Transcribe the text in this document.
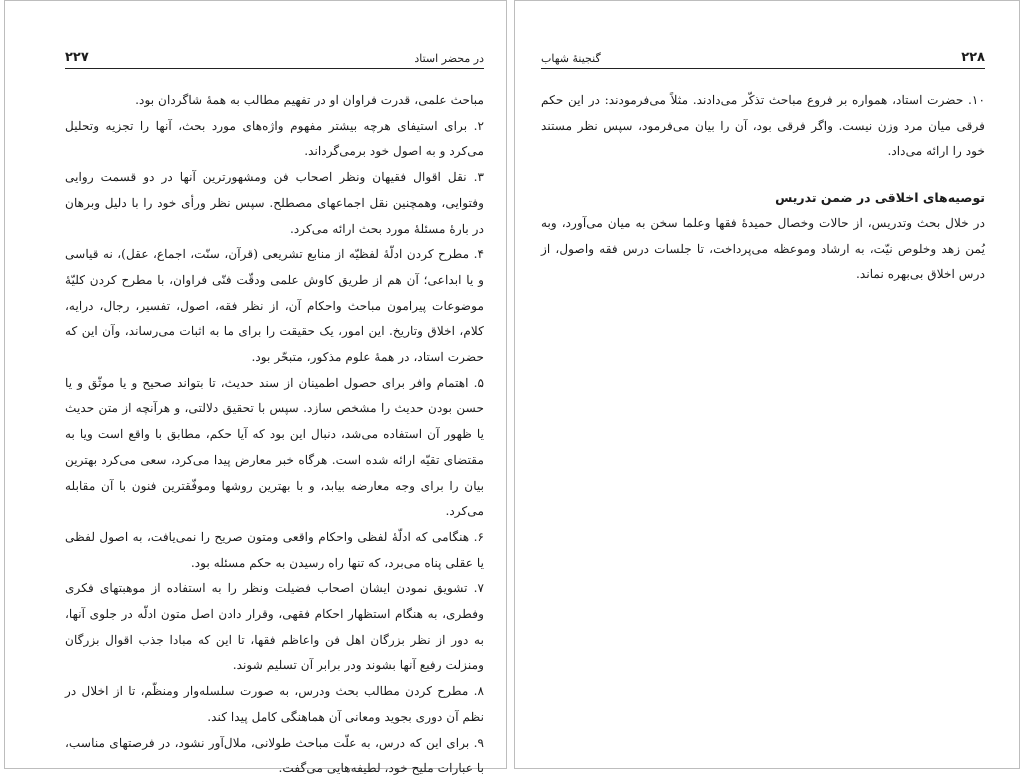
در محضر استاد
۲۲۷

مباحث علمی، قدرت فراوان او در تفهیم مطالب به همهٔ شاگردان بود.

۲. برای استیفای هرچه بیشتر مفهوم واژه‌های مورد بحث، آنها را تجزیه وتحلیل می‌کرد و به اصول خود برمی‌گرداند.

۳. نقل اقوال فقیهان ونظر اصحاب فن ومشهورترین آنها در دو قسمت روایی وفتوایی، وهمچنین نقل اجماعهای مصطلح. سپس نظر ورأی خود را با دلیل وبرهان در بارهٔ مسئلهٔ مورد بحث ارائه می‌کرد.

۴. مطرح کردن ادلّهٔ لفظیّه از منابع تشریعی (قرآن، سنّت، اجماع، عقل)، نه قیاسی و یا ابداعی؛ آن هم از طریق کاوش علمی ودقّت فنّی فراوان، با مطرح کردن کلیّهٔ موضوعات پیرامون مباحث واحکام آن، از نظر فقه، اصول، تفسیر، رجال، درایه، کلام، اخلاق وتاریخ. این امور، یک حقیقت را برای ما به اثبات می‌رساند، وآن این که حضرت استاد، در همهٔ علوم مذکور، متبحّر بود.

۵. اهتمام وافر برای حصول اطمینان از سند حدیث، تا بتواند صحیح و یا موثّق و یا حسن بودن حدیث را مشخص سازد. سپس با تحقیق دلالتی، و هرآنچه از متن حدیث یا ظهور آن استفاده می‌شد، دنبال این بود که آیا حکم، مطابق با واقع است ویا به مقتضای تقیّه ارائه شده است. هرگاه خبر معارض پیدا می‌کرد، سعی می‌کرد بهترین بیان را برای وجه معارضه بیابد، و با بهترین روشها وموفّقترین فنون با آن مقابله می‌کرد.

۶. هنگامی که ادلّهٔ لفظی واحکام واقعی ومتون صریح را نمی‌یافت، به اصول لفظی یا عقلی پناه می‌برد، که تنها راه رسیدن به حکم مسئله بود.

۷. تشویق نمودن ایشان اصحاب فضیلت ونظر را به استفاده از موهبتهای فکری وفطری، به هنگام استظهار احکام فقهی، وقرار دادن اصل متون ادلّه در جلوی آنها، به دور از نظر بزرگان اهل فن واعاظم فقها، تا این که مبادا جذب اقوال بزرگان ومنزلت رفیع آنها بشوند ودر برابر آن تسلیم شوند.

۸. مطرح کردن مطالب بحث ودرس، به صورت سلسله‌وار ومنظّم، تا از اخلال در نظم آن دوری بجوید ومعانی آن هماهنگی کامل پیدا کند.

۹. برای این که درس، به علّت مباحث طولانی، ملال‌آور نشود، در فرصتهای مناسب، با عبارات ملیح خود، لطیفه‌هایی می‌گفت.

۲۲۸
گنجینهٔ شهاب

۱۰. حضرت استاد، همواره بر فروع مباحث تذکّر می‌دادند. مثلاً می‌فرمودند: در این حکم فرقی میان مرد وزن نیست. واگر فرقی بود، آن را بیان می‌فرمود، سپس نظر مستند خود را ارائه می‌داد.

توصیه‌های اخلاقی در ضمن تدریس

در خلال بحث وتدریس، از حالات وخصال حمیدهٔ فقها وعلما سخن به میان می‌آورد، وبه یُمن زهد وخلوص نیّت، به ارشاد وموعظه می‌پرداخت، تا جلسات درس فقه واصول، از درس اخلاق بی‌بهره نماند.
